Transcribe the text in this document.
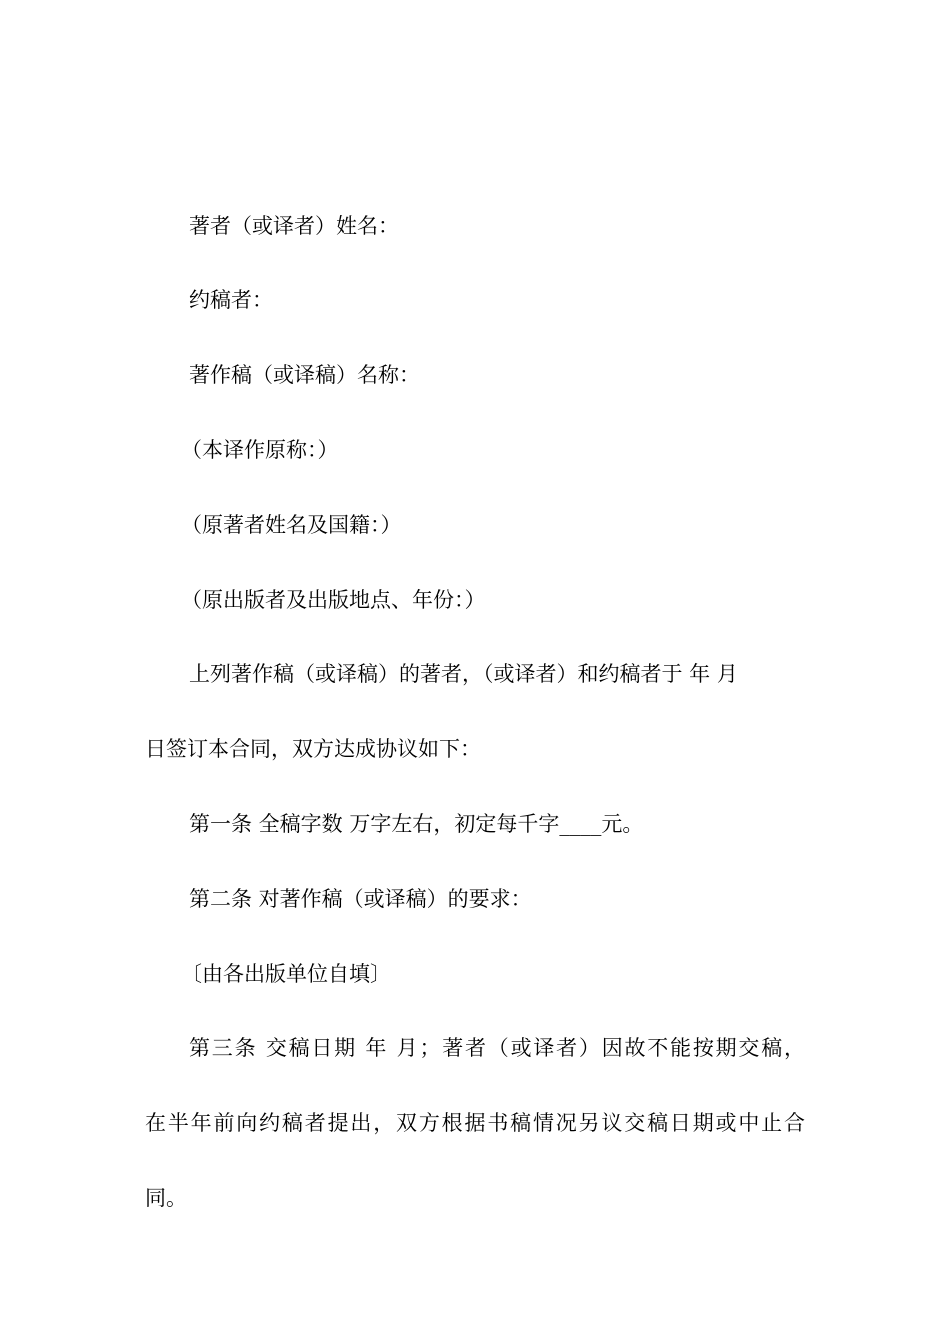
著者（或译者）姓名：
约稿者：
著作稿（或译稿）名称：
（本译作原称：）
（原著者姓名及国籍：）
（原出版者及出版地点、年份：）
上列著作稿（或译稿）的著者，（或译者）和约稿者于 年 月
日签订本合同，双方达成协议如下：
第一条 全稿字数 万字左右，初定每千字____元。
第二条 对著作稿（或译稿）的要求：
〔由各出版单位自填〕
第三条 交稿日期 年 月；著者（或译者）因故不能按期交稿，
在半年前向约稿者提出，双方根据书稿情况另议交稿日期或中止合
同。
